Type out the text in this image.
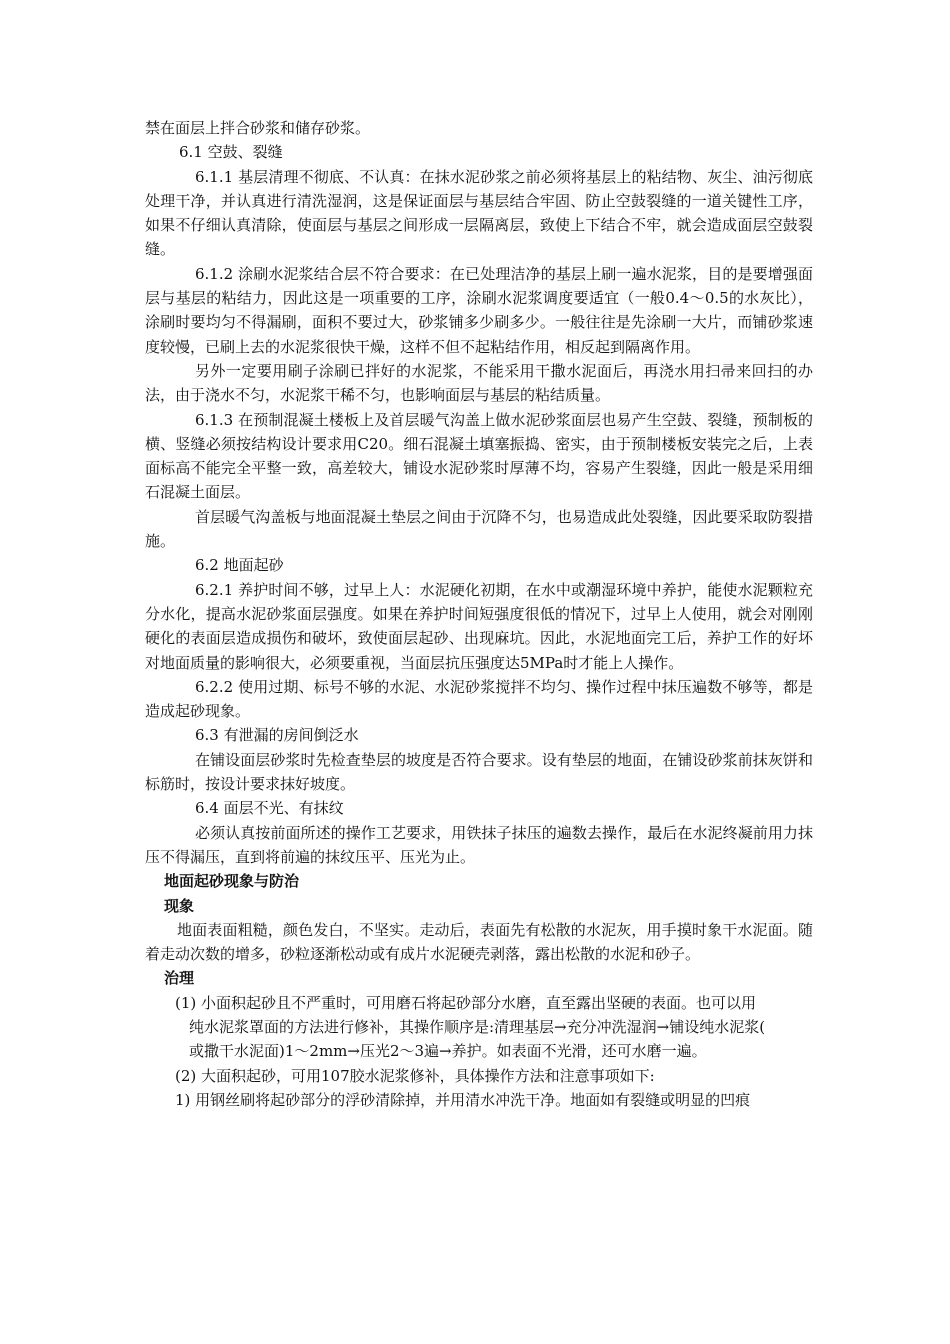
禁在面层上拌合砂浆和储存砂浆。

6.1 空鼓、裂缝

6.1.1 基层清理不彻底、不认真：在抹水泥砂浆之前必须将基层上的粘结物、灰尘、油污彻底处理干净，并认真进行清洗湿润，这是保证面层与基层结合牢固、防止空鼓裂缝的一道关键性工序，如果不仔细认真清除，使面层与基层之间形成一层隔离层，致使上下结合不牢，就会造成面层空鼓裂缝。

6.1.2 涂刷水泥浆结合层不符合要求：在已处理洁净的基层上刷一遍水泥浆，目的是要增强面层与基层的粘结力，因此这是一项重要的工序，涂刷水泥浆调度要适宜（一般0.4～0.5的水灰比），涂刷时要均匀不得漏刷，面积不要过大，砂浆铺多少刷多少。一般往往是先涂刷一大片，而铺砂浆速度较慢，已刷上去的水泥浆很快干燥，这样不但不起粘结作用，相反起到隔离作用。

另外一定要用刷子涂刷已拌好的水泥浆，不能采用干撒水泥面后，再浇水用扫帚来回扫的办法，由于浇水不匀，水泥浆干稀不匀，也影响面层与基层的粘结质量。

6.1.3 在预制混凝土楼板上及首层暖气沟盖上做水泥砂浆面层也易产生空鼓、裂缝，预制板的横、竖缝必须按结构设计要求用C20。细石混凝土填塞振捣、密实，由于预制楼板安装完之后，上表面标高不能完全平整一致，高差较大，铺设水泥砂浆时厚薄不均，容易产生裂缝，因此一般是采用细石混凝土面层。

首层暖气沟盖板与地面混凝土垫层之间由于沉降不匀，也易造成此处裂缝，因此要采取防裂措施。

6.2 地面起砂

6.2.1 养护时间不够，过早上人：水泥硬化初期，在水中或潮湿环境中养护，能使水泥颗粒充分水化，提高水泥砂浆面层强度。如果在养护时间短强度很低的情况下，过早上人使用，就会对刚刚硬化的表面层造成损伤和破坏，致使面层起砂、出现麻坑。因此，水泥地面完工后，养护工作的好坏对地面质量的影响很大，必须要重视，当面层抗压强度达5MPa时才能上人操作。

6.2.2 使用过期、标号不够的水泥、水泥砂浆搅拌不均匀、操作过程中抹压遍数不够等，都是造成起砂现象。

6.3 有泄漏的房间倒泛水

在铺设面层砂浆时先检查垫层的坡度是否符合要求。设有垫层的地面，在铺设砂浆前抹灰饼和标筋时，按设计要求抹好坡度。

6.4 面层不光、有抹纹

必须认真按前面所述的操作工艺要求，用铁抹子抹压的遍数去操作，最后在水泥终凝前用力抹压不得漏压，直到将前遍的抹纹压平、压光为止。

地面起砂现象与防治

现象

地面表面粗糙，颜色发白，不坚实。走动后，表面先有松散的水泥灰，用手摸时象干水泥面。随着走动次数的增多，砂粒逐渐松动或有成片水泥硬壳剥落，露出松散的水泥和砂子。

治理

(1) 小面积起砂且不严重时，可用磨石将起砂部分水磨，直至露出坚硬的表面。也可以用

纯水泥浆罩面的方法进行修补，其操作顺序是:清理基层→充分冲洗湿润→铺设纯水泥浆(

或撒干水泥面)1～2mm→压光2～3遍→养护。如表面不光滑，还可水磨一遍。

(2) 大面积起砂，可用107胶水泥浆修补，具体操作方法和注意事项如下:

1) 用钢丝刷将起砂部分的浮砂清除掉，并用清水冲洗干净。地面如有裂缝或明显的凹痕
